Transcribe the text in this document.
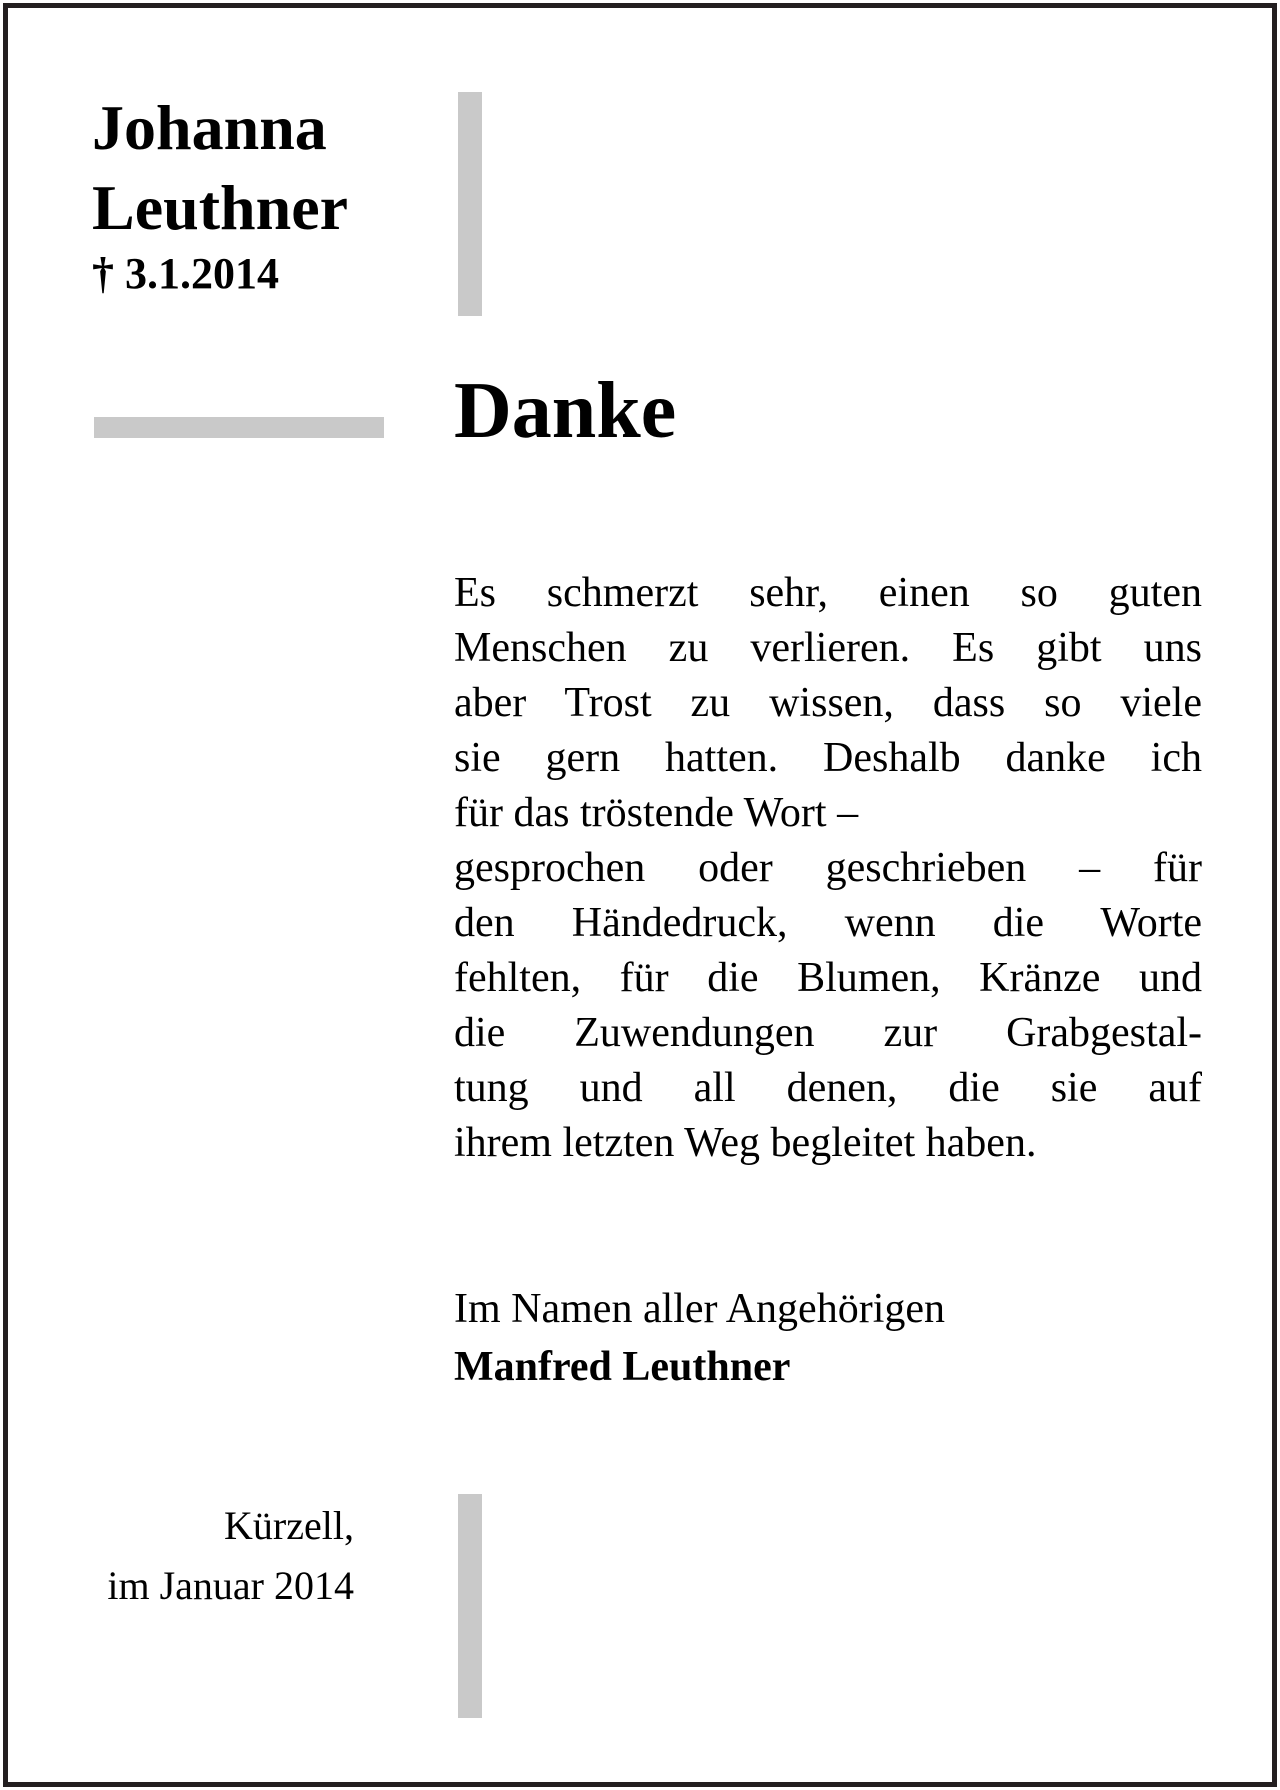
Johanna
Leuthner
† 3.1.2014
Danke
Es schmerzt sehr, einen so guten
Menschen zu verlieren. Es gibt uns
aber Trost zu wissen, dass so viele
sie gern hatten. Deshalb danke ich
für das tröstende Wort –
gesprochen oder geschrieben – für
den Händedruck, wenn die Worte
fehlten, für die Blumen, Kränze und
die Zuwendungen zur Grabgestal-
tung und all denen, die sie auf
ihrem letzten Weg begleitet haben.
Im Namen aller Angehörigen
Manfred Leuthner
Kürzell,
im Januar 2014
